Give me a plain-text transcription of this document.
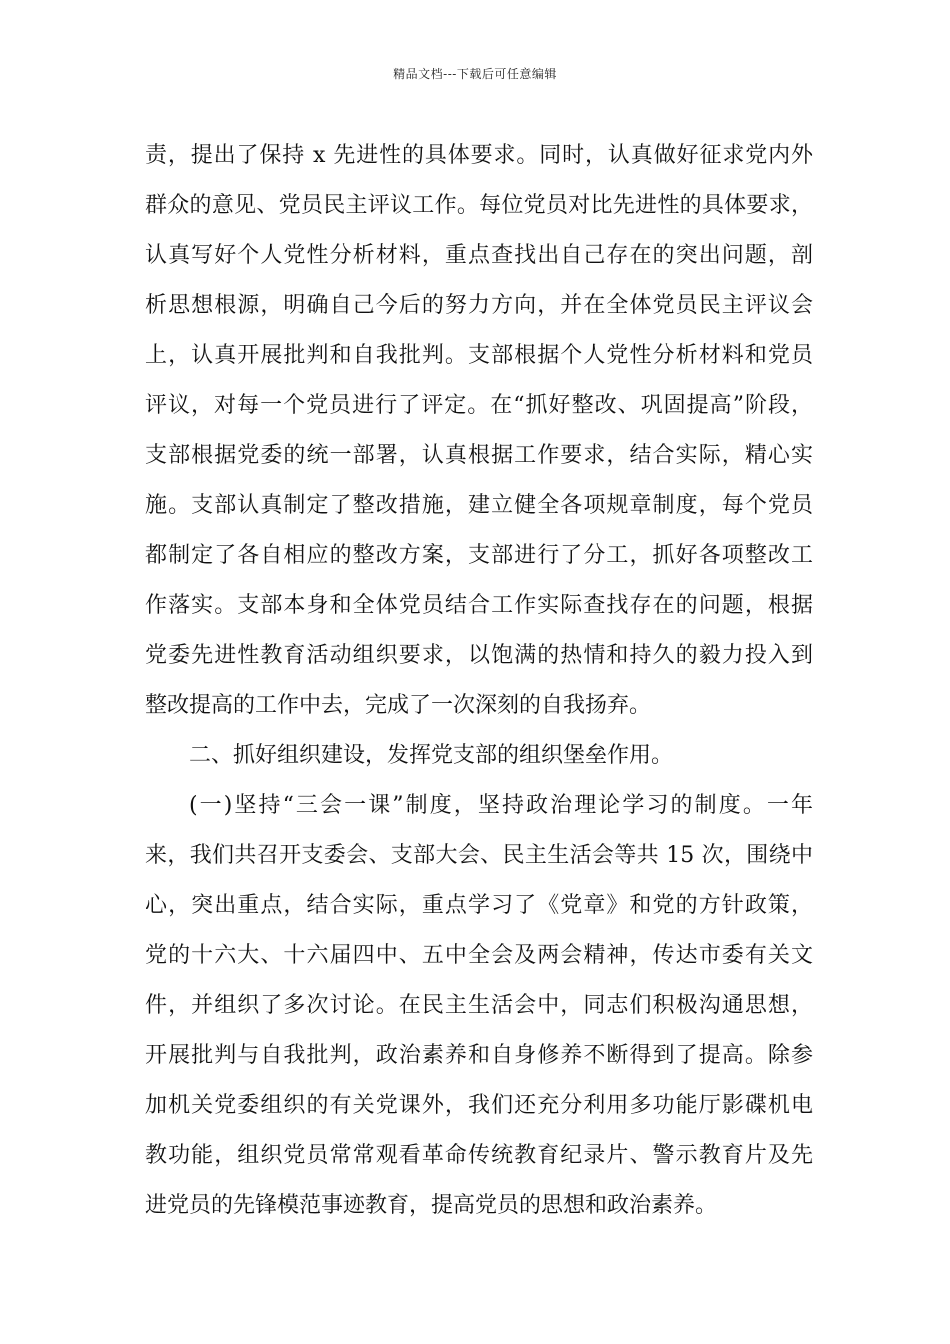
精品文档---下载后可任意编辑
责，提出了保持 x 先进性的具体要求。同时，认真做好征求党内外
群众的意见、党员民主评议工作。每位党员对比先进性的具体要求，
认真写好个人党性分析材料，重点查找出自己存在的突出问题，剖
析思想根源，明确自己今后的努力方向，并在全体党员民主评议会
上，认真开展批判和自我批判。支部根据个人党性分析材料和党员
评议，对每一个党员进行了评定。在“抓好整改、巩固提高”阶段，
支部根据党委的统一部署，认真根据工作要求，结合实际，精心实
施。支部认真制定了整改措施，建立健全各项规章制度，每个党员
都制定了各自相应的整改方案，支部进行了分工，抓好各项整改工
作落实。支部本身和全体党员结合工作实际查找存在的问题，根据
党委先进性教育活动组织要求，以饱满的热情和持久的毅力投入到
整改提高的工作中去，完成了一次深刻的自我扬弃。
二、抓好组织建设，发挥党支部的组织堡垒作用。
(一)坚持“三会一课”制度，坚持政治理论学习的制度。一年
来，我们共召开支委会、支部大会、民主生活会等共 15 次，围绕中
心，突出重点，结合实际，重点学习了《党章》和党的方针政策，
党的十六大、十六届四中、五中全会及两会精神，传达市委有关文
件，并组织了多次讨论。在民主生活会中，同志们积极沟通思想，
开展批判与自我批判，政治素养和自身修养不断得到了提高。除参
加机关党委组织的有关党课外，我们还充分利用多功能厅影碟机电
教功能，组织党员常常观看革命传统教育纪录片、警示教育片及先
进党员的先锋模范事迹教育，提高党员的思想和政治素养。
